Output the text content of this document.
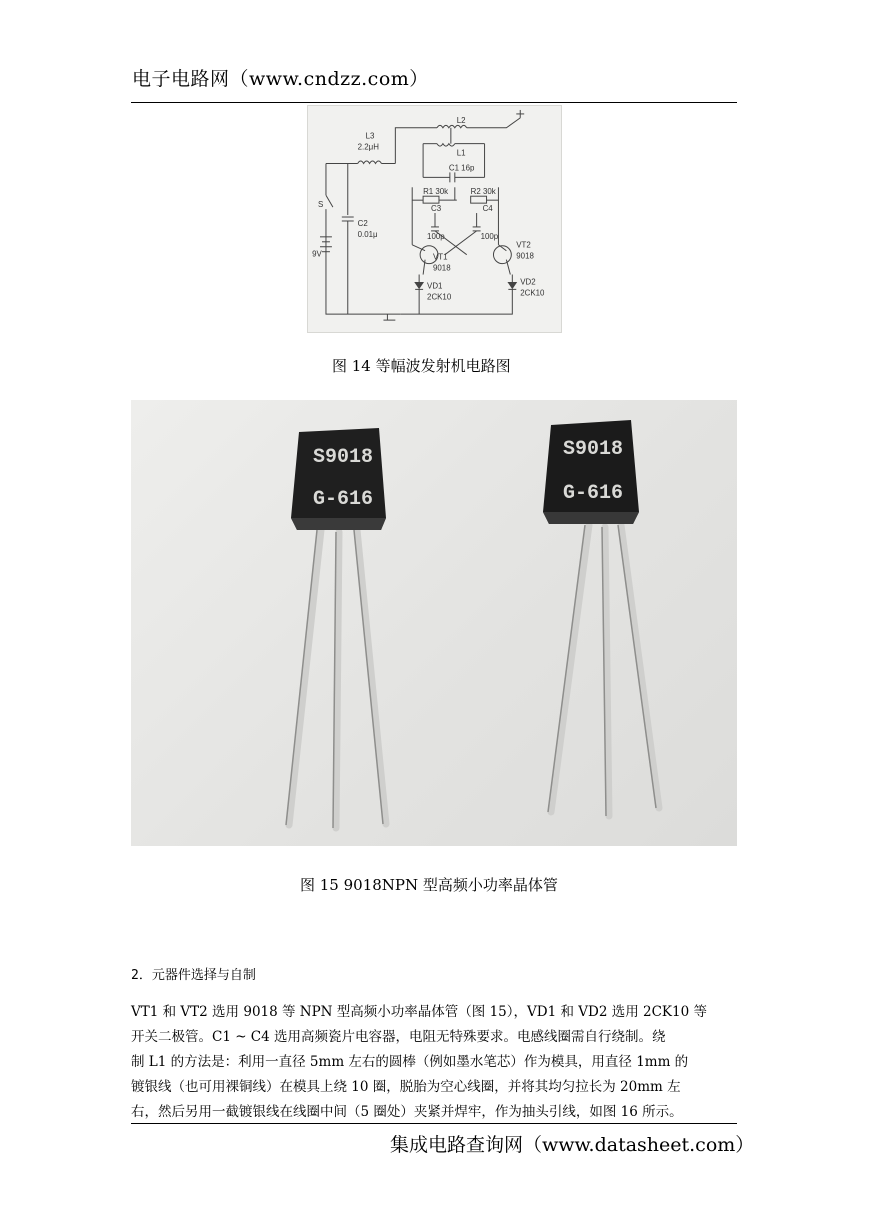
电子电路网（www.cndzz.com）
L2
L3
2.2μH
L1
C1 16p
R1 30k	R2 30k
C3	C4
100p	100p
S
C2
0.01μ
9V	VT1
9018
VT2
9018
VD1
2CK10
VD2
2CK10
图 14 等幅波发射机电路图
S9018
G-616
S9018
G-616
图 15 9018NPN 型高频小功率晶体管
2．元器件选择与自制

VT1 和 VT2 选用 9018 等 NPN 型高频小功率晶体管（图 15），VD1 和 VD2 选用 2CK10 等

开关二极管。C1 ~ C4 选用高频瓷片电容器，电阻无特殊要求。电感线圈需自行绕制。绕

制 L1 的方法是：利用一直径 5mm 左右的圆棒（例如墨水笔芯）作为模具，用直径 1mm 的

镀银线（也可用裸铜线）在模具上绕 10 圈，脱胎为空心线圈，并将其均匀拉长为 20mm 左

右，然后另用一截镀银线在线圈中间（5 圈处）夹紧并焊牢，作为抽头引线，如图 16 所示。

集成电路查询网（www.datasheet.com）
